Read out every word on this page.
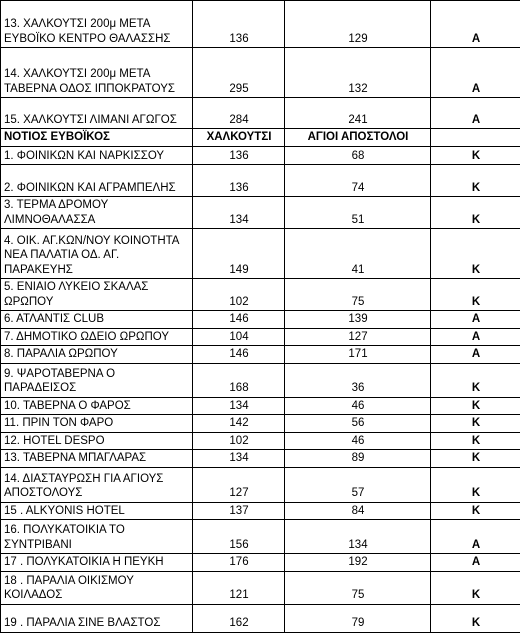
13. ΧΑΛΚΟΥΤΣΙ 200μ ΜΕΤΑ ΕΥΒΟΪΚΟ ΚΕΝΤΡΟ ΘΑΛΑΣΣΗΣ	136	129	Α
14. ΧΑΛΚΟΥΤΣΙ 200μ ΜΕΤΑ ΤΑΒΕΡΝΑ ΟΔΟΣ ΙΠΠΟΚΡΑΤΟΥΣ	295	132	Α
15. ΧΑΛΚΟΥΤΣΙ ΛΙΜΑΝΙ ΑΓΩΓΟΣ	284	241	Α
ΝΟΤΙΟΣ ΕΥΒΟΪΚΟΣ	ΧΑΛΚΟΥΤΣΙ	ΑΓΙΟΙ ΑΠΟΣΤΟΛΟΙ	
1. ΦΟΙΝΙΚΩΝ ΚΑΙ ΝΑΡΚΙΣΣΟΥ	136	68	Κ
2. ΦΟΙΝΙΚΩΝ ΚΑΙ ΑΓΡΑΜΠΕΛΗΣ	136	74	Κ
3. ΤΕΡΜΑ ΔΡΟΜΟΥ ΛΙΜΝΟΘΑΛΑΣΣΑ	134	51	Κ
4. ΟΙΚ. ΑΓ.ΚΩΝ/ΝΟΥ ΚΟΙΝΟΤΗΤΑ ΝΕΑ ΠΑΛΑΤΙΑ ΟΔ. ΑΓ. ΠΑΡΑΚΕΥΗΣ	149	41	Κ
5. ΕΝΙΑΙΟ ΛΥΚΕΙΟ ΣΚΑΛΑΣ ΩΡΩΠΟΥ	102	75	Κ
6. ΑΤΛΑΝΤΙΣ CLUB	146	139	Α
7. ΔΗΜΟΤΙΚΟ ΩΔΕΙΟ ΩΡΩΠΟΥ	104	127	Α
8. ΠΑΡΑΛΙΑ ΩΡΩΠΟΥ	146	171	Α
9. ΨΑΡΟΤΑΒΕΡΝΑ Ο ΠΑΡΑΔΕΙΣΟΣ	168	36	Κ
10. ΤΑΒΕΡΝΑ Ο ΦΑΡΟΣ	134	46	Κ
11. ΠΡΙΝ ΤΟΝ ΦΑΡΟ	142	56	Κ
12. HOTEL DESPO	102	46	Κ
13. ΤΑΒΕΡΝΑ ΜΠΑΓΛΑΡΑΣ	134	89	Κ
14. ΔΙΑΣΤΑΥΡΩΣΗ ΓΙΑ ΑΓΙΟΥΣ ΑΠΟΣΤΟΛΟΥΣ	127	57	Κ
15 . ALKYONIS HOTEL	137	84	Κ
16. ΠΟΛΥΚΑΤΟΙΚΙΑ ΤΟ ΣΥΝΤΡΙΒΑΝΙ	156	134	Α
17 . ΠΟΛΥΚΑΤΟΙΚΙΑ Η ΠΕΥΚΗ	176	192	Α
18 . ΠΑΡΑΛΙΑ ΟΙΚΙΣΜΟΥ ΚΟΙΛΑΔΟΣ	121	75	Κ
19 . ΠΑΡΑΛΙΑ ΣΙΝΕ ΒΛΑΣΤΟΣ	162	79	Κ
